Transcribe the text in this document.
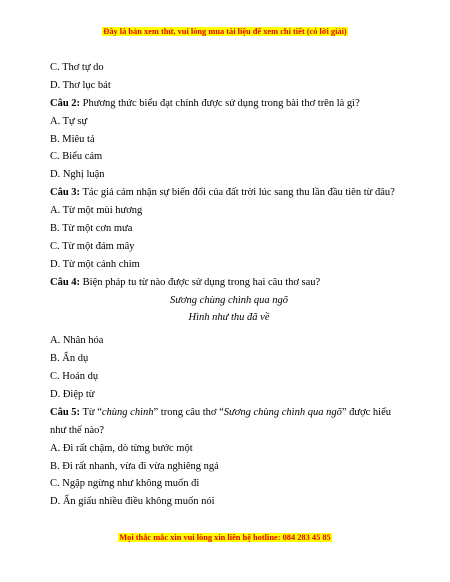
Đây là bản xem thử, vui lòng mua tài liệu để xem chi tiết (có lời giải)

C. Thơ tự do

D. Thơ lục bát

Câu 2: Phương thức biểu đạt chính được sử dụng trong bài thơ trên là gì?

A. Tự sự

B. Miêu tả

C. Biểu cảm

D. Nghị luận

Câu 3: Tác giả cảm nhận sự biến đổi của đất trời lúc sang thu lần đầu tiên từ đâu?

A. Từ một mùi hương

B. Từ một cơn mưa

C. Từ một đám mây

D. Từ một cánh chim

Câu 4: Biện pháp tu từ nào được sử dụng trong hai câu thơ sau?

Sương chùng chình qua ngõ

Hình như thu đã về

A. Nhân hóa

B. Ẩn dụ

C. Hoán dụ

D. Điệp từ

Câu 5: Từ “chùng chình” trong câu thơ “Sương chùng chình qua ngõ” được hiểu

như thế nào?

A. Đi rất chậm, dò từng bước một

B. Đi rất nhanh, vừa đi vừa nghiêng ngả

C. Ngập ngừng như không muốn đi

D. Ẩn giấu nhiều điều không muốn nói

Mọi thắc mắc xin vui lòng xin liên hệ hotline: 084 283 45 85
